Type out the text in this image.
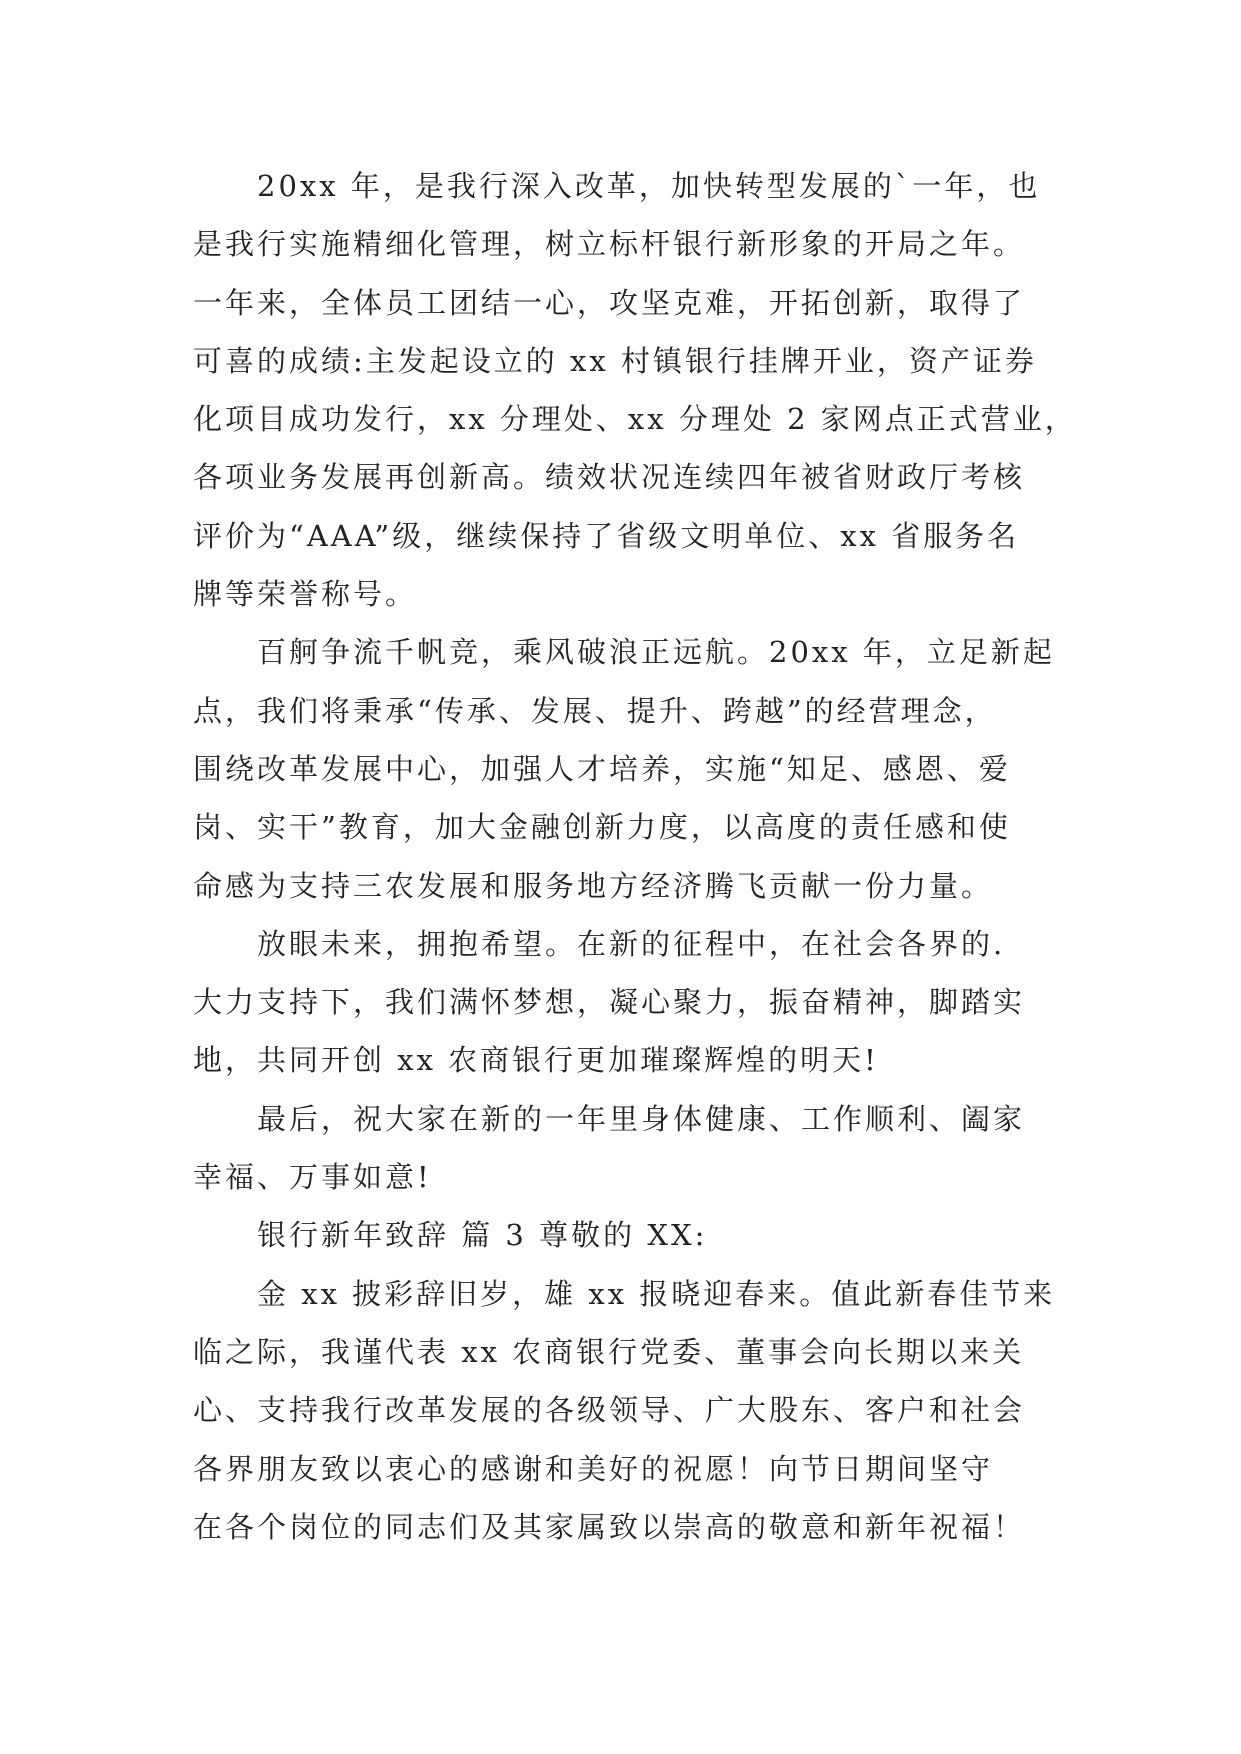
20xx 年，是我行深入改革，加快转型发展的`一年，也
是我行实施精细化管理，树立标杆银行新形象的开局之年。
一年来，全体员工团结一心，攻坚克难，开拓创新，取得了
可喜的成绩:主发起设立的 xx 村镇银行挂牌开业，资产证券
化项目成功发行，xx 分理处、xx 分理处 2 家网点正式营业，
各项业务发展再创新高。绩效状况连续四年被省财政厅考核
评价为“AAA”级，继续保持了省级文明单位、xx 省服务名
牌等荣誉称号。
百舸争流千帆竞，乘风破浪正远航。20xx 年，立足新起
点，我们将秉承“传承、发展、提升、跨越”的经营理念，
围绕改革发展中心，加强人才培养，实施“知足、感恩、爱
岗、实干”教育，加大金融创新力度，以高度的责任感和使
命感为支持三农发展和服务地方经济腾飞贡献一份力量。
放眼未来，拥抱希望。在新的征程中，在社会各界的.
大力支持下，我们满怀梦想，凝心聚力，振奋精神，脚踏实
地，共同开创 xx 农商银行更加璀璨辉煌的明天!
最后，祝大家在新的一年里身体健康、工作顺利、阖家
幸福、万事如意!
银行新年致辞 篇 3 尊敬的 XX:
金 xx 披彩辞旧岁，雄 xx 报晓迎春来。值此新春佳节来
临之际，我谨代表 xx 农商银行党委、董事会向长期以来关
心、支持我行改革发展的各级领导、广大股东、客户和社会
各界朋友致以衷心的感谢和美好的祝愿！向节日期间坚守
在各个岗位的同志们及其家属致以崇高的敬意和新年祝福！
